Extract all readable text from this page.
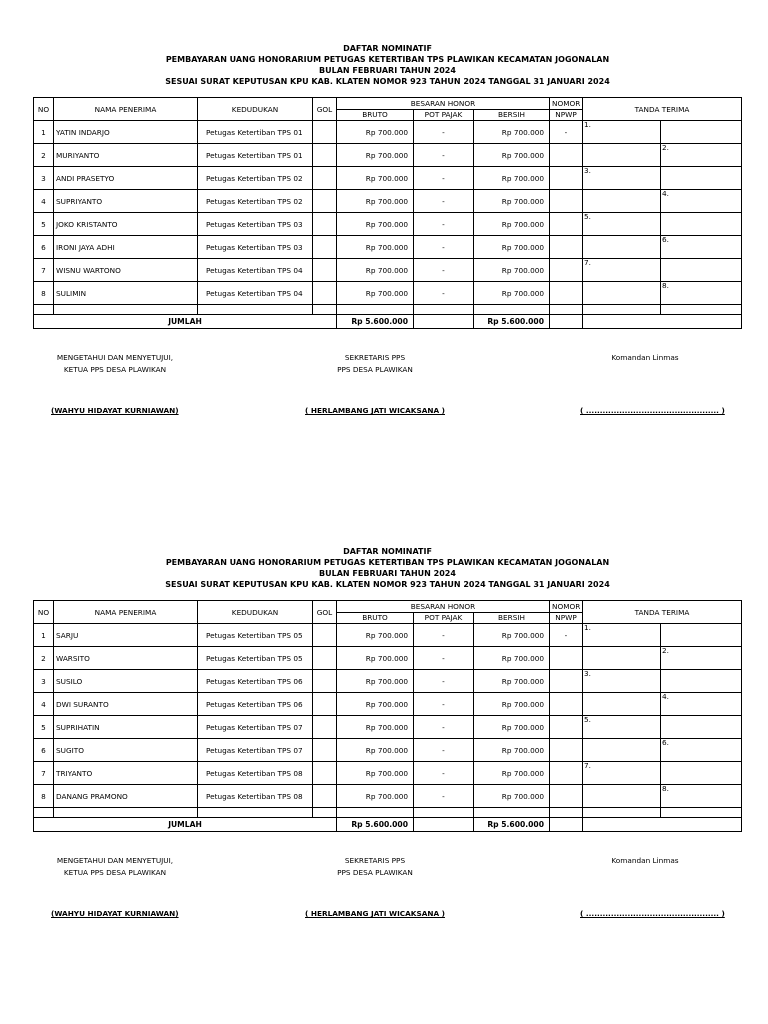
DAFTAR NOMINATIF
PEMBAYARAN UANG HONORARIUM PETUGAS KETERTIBAN TPS PLAWIKAN KECAMATAN JOGONALAN
BULAN FEBRUARI TAHUN 2024
SESUAI SURAT KEPUTUSAN KPU KAB. KLATEN NOMOR 923 TAHUN 2024 TANGGAL 31 JANUARI 2024
NO	NAMA PENERIMA	KEDUDUKAN	GOL	BESARAN HONOR			NOMOR	TANDA TERIMA	
				BRUTO	POT PAJAK	BERSIH	NPWP		
1	YATIN INDARJO	Petugas Ketertiban TPS 01		Rp 700.000	-	Rp 700.000	-	1.	
2	MURIYANTO	Petugas Ketertiban TPS 01		Rp 700.000	-	Rp 700.000			2.
3	ANDI PRASETYO	Petugas Ketertiban TPS 02		Rp 700.000	-	Rp 700.000		3.	
4	SUPRIYANTO	Petugas Ketertiban TPS 02		Rp 700.000	-	Rp 700.000			4.
5	JOKO KRISTANTO	Petugas Ketertiban TPS 03		Rp 700.000	-	Rp 700.000		5.	
6	IRONI JAYA ADHI	Petugas Ketertiban TPS 03		Rp 700.000	-	Rp 700.000			6.
7	WISNU WARTONO	Petugas Ketertiban TPS 04		Rp 700.000	-	Rp 700.000		7.	
8	SULIMIN	Petugas Ketertiban TPS 04		Rp 700.000	-	Rp 700.000			8.

JUMLAH				Rp 5.600.000		Rp 5.600.000			
MENGETAHUI DAN MENYETUJUI,
KETUA PPS DESA PLAWIKAN
SEKRETARIS PPS
PPS DESA PLAWIKAN
Komandan Linmas
(WAHYU HIDAYAT KURNIAWAN)	( HERLAMBANG JATI WICAKSANA )	( ................................................ )
DAFTAR NOMINATIF
PEMBAYARAN UANG HONORARIUM PETUGAS KETERTIBAN TPS PLAWIKAN KECAMATAN JOGONALAN
BULAN FEBRUARI TAHUN 2024
SESUAI SURAT KEPUTUSAN KPU KAB. KLATEN NOMOR 923 TAHUN 2024 TANGGAL 31 JANUARI 2024
NO	NAMA PENERIMA	KEDUDUKAN	GOL	BESARAN HONOR			NOMOR	TANDA TERIMA	
				BRUTO	POT PAJAK	BERSIH	NPWP		
1	SARJU	Petugas Ketertiban TPS 05		Rp 700.000	-	Rp 700.000	-	1.	
2	WARSITO	Petugas Ketertiban TPS 05		Rp 700.000	-	Rp 700.000			2.
3	SUSILO	Petugas Ketertiban TPS 06		Rp 700.000	-	Rp 700.000		3.	
4	DWI SURANTO	Petugas Ketertiban TPS 06		Rp 700.000	-	Rp 700.000			4.
5	SUPRIHATIN	Petugas Ketertiban TPS 07		Rp 700.000	-	Rp 700.000		5.	
6	SUGITO	Petugas Ketertiban TPS 07		Rp 700.000	-	Rp 700.000			6.
7	TRIYANTO	Petugas Ketertiban TPS 08		Rp 700.000	-	Rp 700.000		7.	
8	DANANG PRAMONO	Petugas Ketertiban TPS 08		Rp 700.000	-	Rp 700.000			8.

JUMLAH				Rp 5.600.000		Rp 5.600.000			
MENGETAHUI DAN MENYETUJUI,
KETUA PPS DESA PLAWIKAN
SEKRETARIS PPS
PPS DESA PLAWIKAN
Komandan Linmas
(WAHYU HIDAYAT KURNIAWAN)	( HERLAMBANG JATI WICAKSANA )	( ................................................ )
